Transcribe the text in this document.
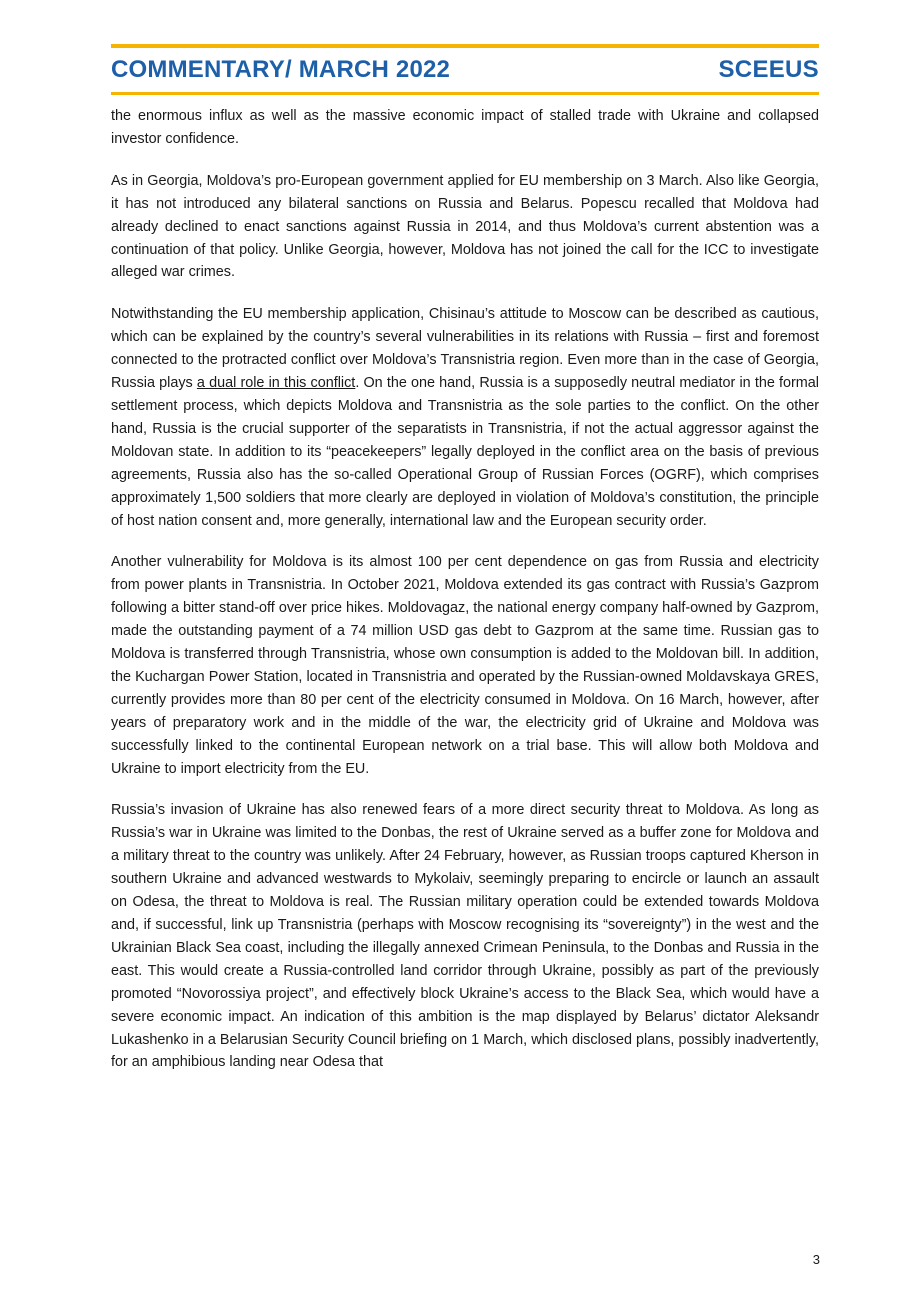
COMMENTARY/ MARCH 2022	SCEEUS

the enormous influx as well as the massive economic impact of stalled trade with Ukraine and collapsed investor confidence.

As in Georgia, Moldova’s pro-European government applied for EU membership on 3 March. Also like Georgia, it has not introduced any bilateral sanctions on Russia and Belarus. Popescu recalled that Moldova had already declined to enact sanctions against Russia in 2014, and thus Moldova’s current abstention was a continuation of that policy. Unlike Georgia, however, Moldova has not joined the call for the ICC to investigate alleged war crimes.

Notwithstanding the EU membership application, Chisinau’s attitude to Moscow can be described as cautious, which can be explained by the country’s several vulnerabilities in its relations with Russia – first and foremost connected to the protracted conflict over Moldova’s Transnistria region. Even more than in the case of Georgia, Russia plays a dual role in this conflict. On the one hand, Russia is a supposedly neutral mediator in the formal settlement process, which depicts Moldova and Transnistria as the sole parties to the conflict. On the other hand, Russia is the crucial supporter of the separatists in Transnistria, if not the actual aggressor against the Moldovan state. In addition to its “peacekeepers” legally deployed in the conflict area on the basis of previous agreements, Russia also has the so-called Operational Group of Russian Forces (OGRF), which comprises approximately 1,500 soldiers that more clearly are deployed in violation of Moldova’s constitution, the principle of host nation consent and, more generally, international law and the European security order.

Another vulnerability for Moldova is its almost 100 per cent dependence on gas from Russia and electricity from power plants in Transnistria. In October 2021, Moldova extended its gas contract with Russia’s Gazprom following a bitter stand-off over price hikes. Moldovagaz, the national energy company half-owned by Gazprom, made the outstanding payment of a 74 million USD gas debt to Gazprom at the same time. Russian gas to Moldova is transferred through Transnistria, whose own consumption is added to the Moldovan bill. In addition, the Kuchargan Power Station, located in Transnistria and operated by the Russian-owned Moldavskaya GRES, currently provides more than 80 per cent of the electricity consumed in Moldova. On 16 March, however, after years of preparatory work and in the middle of the war, the electricity grid of Ukraine and Moldova was successfully linked to the continental European network on a trial base. This will allow both Moldova and Ukraine to import electricity from the EU.

Russia’s invasion of Ukraine has also renewed fears of a more direct security threat to Moldova. As long as Russia’s war in Ukraine was limited to the Donbas, the rest of Ukraine served as a buffer zone for Moldova and a military threat to the country was unlikely. After 24 February, however, as Russian troops captured Kherson in southern Ukraine and advanced westwards to Mykolaiv, seemingly preparing to encircle or launch an assault on Odesa, the threat to Moldova is real. The Russian military operation could be extended towards Moldova and, if successful, link up Transnistria (perhaps with Moscow recognising its “sovereignty”) in the west and the Ukrainian Black Sea coast, including the illegally annexed Crimean Peninsula, to the Donbas and Russia in the east. This would create a Russia-controlled land corridor through Ukraine, possibly as part of the previously promoted “Novorossiya project”, and effectively block Ukraine’s access to the Black Sea, which would have a severe economic impact. An indication of this ambition is the map displayed by Belarus’ dictator Aleksandr Lukashenko in a Belarusian Security Council briefing on 1 March, which disclosed plans, possibly inadvertently, for an amphibious landing near Odesa that

3
